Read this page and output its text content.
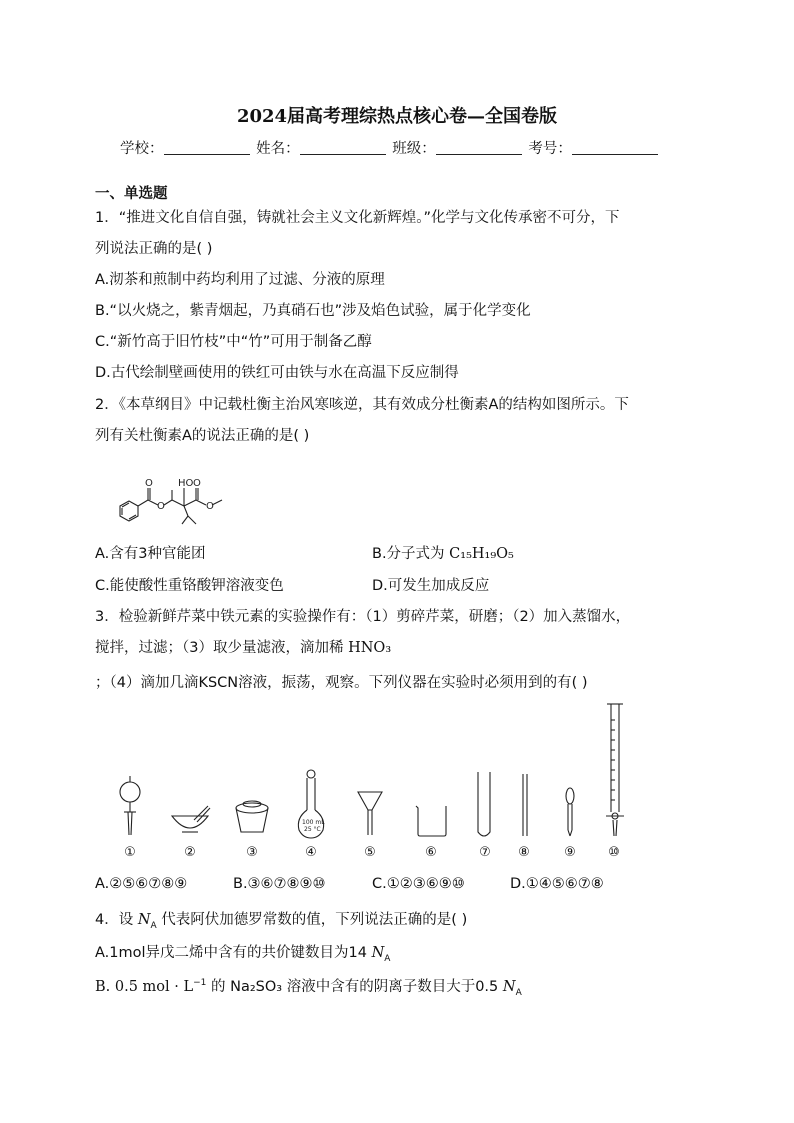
2024届高考理综热点核心卷—全国卷版
学校：	姓名：	班级：	考号：
一、单选题
1．“推进文化自信自强，铸就社会主义文化新辉煌。”化学与文化传承密不可分，下
列说法正确的是( )
A.沏茶和煎制中药均利用了过滤、分液的原理
B.“以火烧之，紫青烟起，乃真硝石也”涉及焰色试验，属于化学变化
C.“新竹高于旧竹枝”中“竹”可用于制备乙醇
D.古代绘制壁画使用的铁红可由铁与水在高温下反应制得
2．《本草纲目》中记载杜衡主治风寒咳逆，其有效成分杜衡素A的结构如图所示。下
列有关杜衡素A的说法正确的是( )
O
O
O
O
HO
A.含有3种官能团	B.分子式为 C₁₅H₁₉O₅
C.能使酸性重铬酸钾溶液变色	D.可发生加成反应
3．检验新鲜芹菜中铁元素的实验操作有：（1）剪碎芹菜，研磨；（2）加入蒸馏水，
搅拌，过滤；（3）取少量滤液，滴加稀 HNO₃
；（4）滴加几滴KSCN溶液，振荡，观察。下列仪器在实验时必须用到的有( )
100 mL
25 °C
①	②	③	④	⑤	⑥	⑦	⑧	⑨	⑩
A.②⑤⑥⑦⑧⑨	B.③⑥⑦⑧⑨⑩	C.①②③⑥⑨⑩	D.①④⑤⑥⑦⑧
4．设 $N_A$ 代表阿伏加德罗常数的值，下列说法正确的是( )
A.1mol异戊二烯中含有的共价键数目为14 $N_A$
B. 0.5 mol · $L^{-1}$ 的 Na₂SO₃ 溶液中含有的阴离子数目大于0.5 $N_A$
